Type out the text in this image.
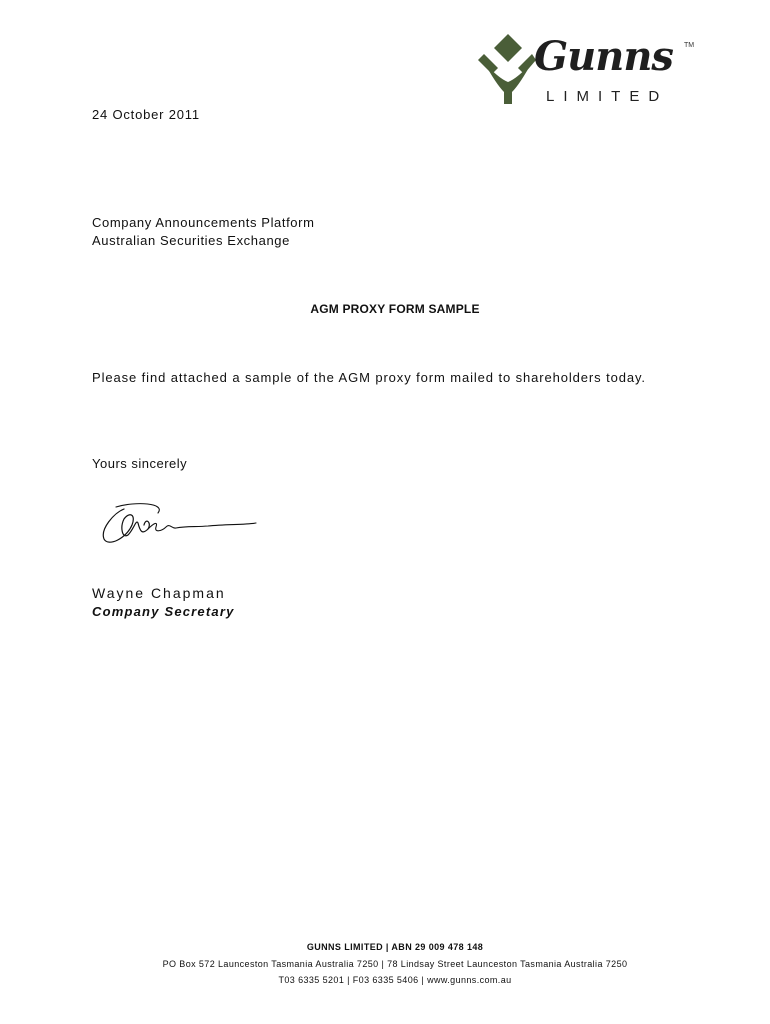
Gunns TM
LIMITED
24 October 2011
Company Announcements Platform
Australian Securities Exchange
AGM PROXY FORM SAMPLE
Please find attached a sample of the AGM proxy form mailed to shareholders today.
Yours sincerely
Wayne Chapman
Company Secretary
GUNNS LIMITED | ABN 29 009 478 148
PO Box 572 Launceston Tasmania Australia 7250 | 78 Lindsay Street Launceston Tasmania Australia 7250
T03 6335 5201 | F03 6335 5406 | www.gunns.com.au
